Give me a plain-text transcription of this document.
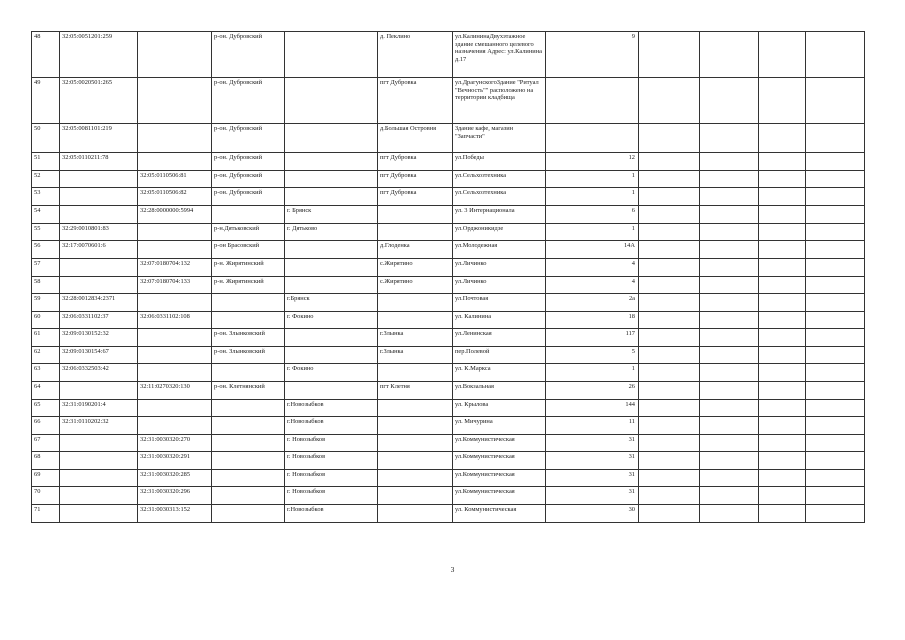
48	32:05:0051201:259		р-он. Дубровский		д. Пеклино	ул.КалининаДвухэтажное здание смешанного целевого назначения Адрес: ул.Калинина д.17	9				
49	32:05:0020501:265		р-он. Дубровский		пгт Дубровка	ул.ДрагунскогоЗдание "Ритуал "Вечность"" расположено на территории кладбища					
50	32:05:0081101:219		р-он. Дубровский		д.Большая Островня	Здание кафе, магазин "Запчасти"					
51	32:05:0110211:78		р-он. Дубровский		пгт Дубровка	ул.Победы	12				
52		32:05:0110506:81	р-он. Дубровский		пгт Дубровка	ул.Сельхозтехника	1				
53		32:05:0110506:82	р-он. Дубровский		пгт Дубровка	ул.Сельхозтехника	1				
54		32:28:0000000:5994		г. Брянск		ул. 3 Интернационала	6				
55	32:29:0010801:83		р-н.Дятьковский	г. Дятьково		ул.Орджоникидзе	1				
56	32:17:0070601:6		р-он Брасовский		д.Глоденка	ул.Молодежная	14А				
57		32:07:0180704:132	р-н. Жирятинский		с.Жирятино	ул.Личинко	4				
58		32:07:0180704:133	р-н. Жирятинский		с.Жирятино	ул.Личинко	4				
59	32:28:0012834:2371			г.Брянск		ул.Почтовая	2а				
60	32:06:0331102:37	32:06:0331102:108		г. Фокино		ул. Калинина	18				
61	32:09:0130152:32		р-он. Злынковский		г.Злынка	ул.Ленинская	117				
62	32:09:0130154:67		р-он. Злынковский		г.Злынка	пер.Полевой	5				
63	32:06:0332503:42			г. Фокино		ул. К.Маркса	1				
64		32:11:0270320:130	р-он. Клетнянский		пгт Клетня	ул.Вокзальная	26				
65	32:31:0190201:4			г.Новозыбков		ул. Крылова	144				
66	32:31:0110202:32			г.Новозыбков		ул. Мичурина	11				
67		32:31:0030320:270		г. Новозыбков		ул.Коммунистическая	31				
68		32:31:0030320:291		г. Новозыбков		ул.Коммунистическая	31				
69		32:31:0030320:285		г. Новозыбков		ул.Коммунистическая	31				
70		32:31:0030320:296		г. Новозыбков		ул.Коммунистическая	31				
71		32:31:0030313:152		г.Новозыбков		ул. Коммунистическая	30				
3
